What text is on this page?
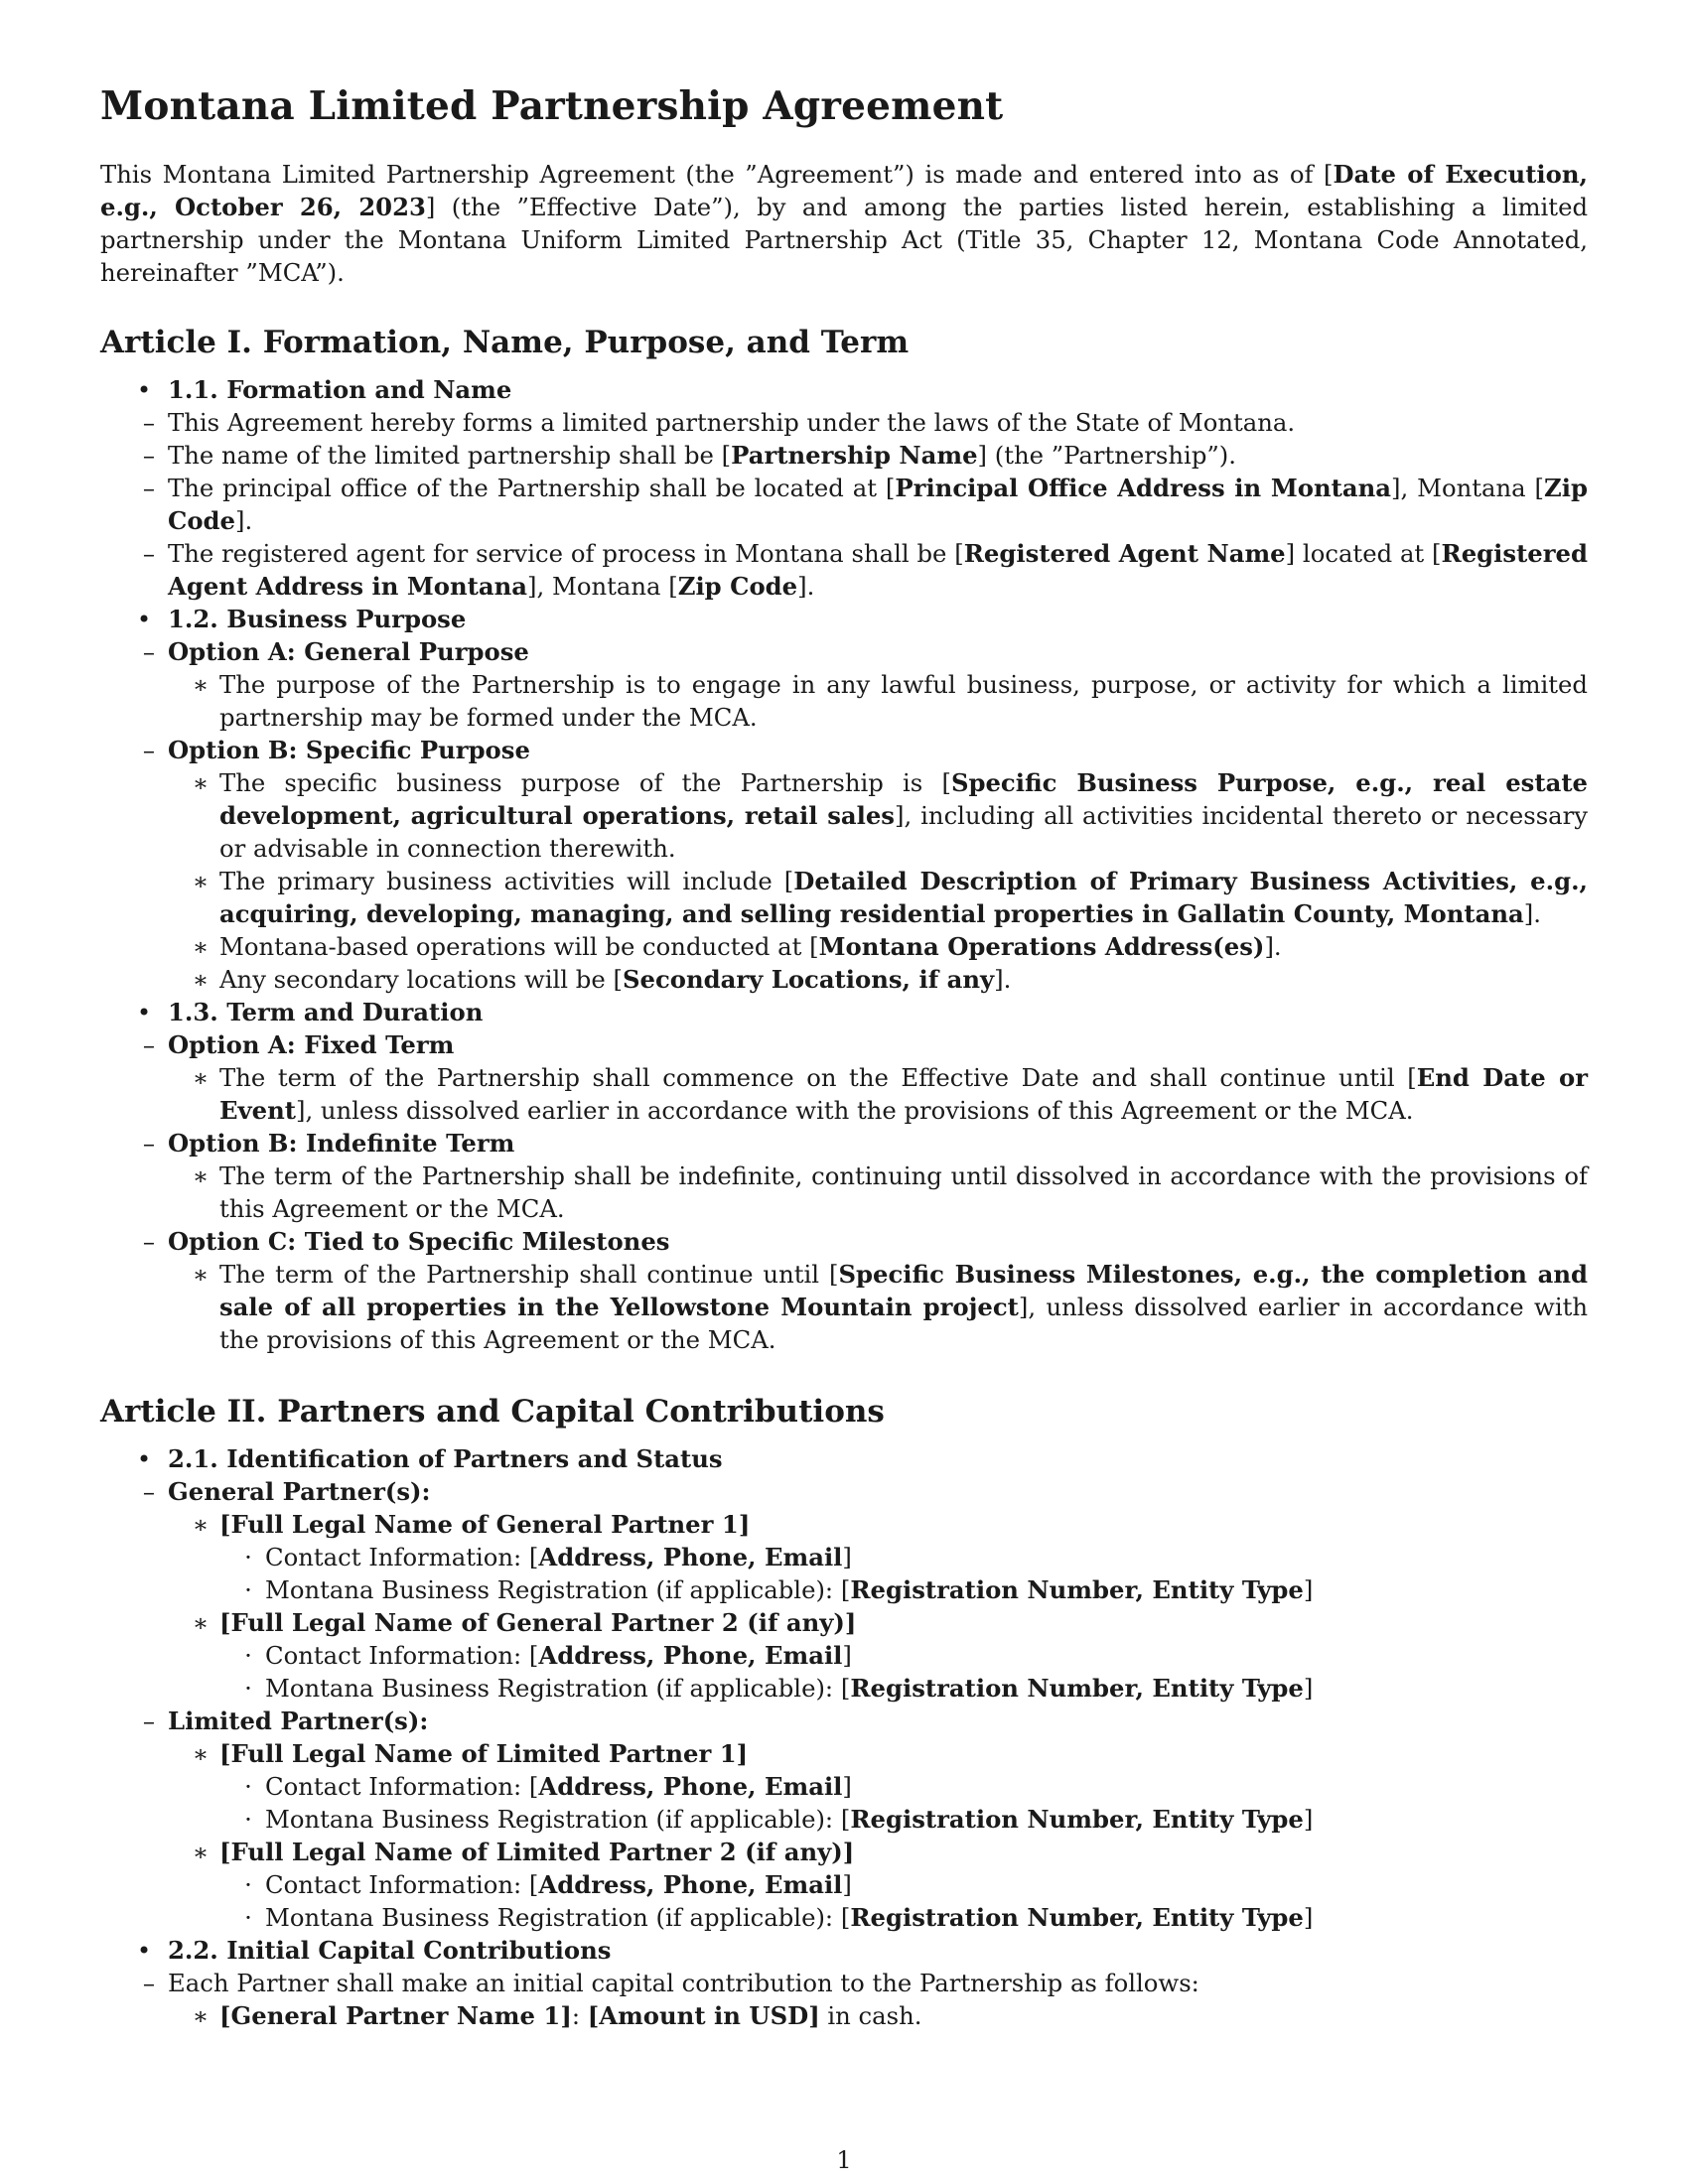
Montana Limited Partnership Agreement

This Montana Limited Partnership Agreement (the ”Agreement”) is made and entered into as of [Date of Execution, e.g., October 26, 2023] (the ”Effective Date”), by and among the parties listed herein, establishing a limited partnership under the Montana Uniform Limited Partnership Act (Title 35, Chapter 12, Montana Code Annotated, hereinafter ”MCA”).

Article I. Formation, Name, Purpose, and Term
• 1.1. Formation and Name
– This Agreement hereby forms a limited partnership under the laws of the State of Montana.
– The name of the limited partnership shall be [Partnership Name] (the ”Partnership”).
– The principal office of the Partnership shall be located at [Principal Office Address in Montana], Montana [Zip Code].
– The registered agent for service of process in Montana shall be [Registered Agent Name] located at [Registered Agent Address in Montana], Montana [Zip Code].
• 1.2. Business Purpose
– Option A: General Purpose
∗ The purpose of the Partnership is to engage in any lawful business, purpose, or activity for which a limited partnership may be formed under the MCA.
– Option B: Specific Purpose
∗ The specific business purpose of the Partnership is [Specific Business Purpose, e.g., real estate development, agricultural operations, retail sales], including all activities incidental thereto or necessary or advisable in connection therewith.
∗ The primary business activities will include [Detailed Description of Primary Business Activities, e.g., acquiring, developing, managing, and selling residential properties in Gallatin County, Montana].
∗ Montana-based operations will be conducted at [Montana Operations Address(es)].
∗ Any secondary locations will be [Secondary Locations, if any].
• 1.3. Term and Duration
– Option A: Fixed Term
∗ The term of the Partnership shall commence on the Effective Date and shall continue until [End Date or Event], unless dissolved earlier in accordance with the provisions of this Agreement or the MCA.
– Option B: Indefinite Term
∗ The term of the Partnership shall be indefinite, continuing until dissolved in accordance with the provisions of this Agreement or the MCA.
– Option C: Tied to Specific Milestones
∗ The term of the Partnership shall continue until [Specific Business Milestones, e.g., the completion and sale of all properties in the Yellowstone Mountain project], unless dissolved earlier in accordance with the provisions of this Agreement or the MCA.
Article II. Partners and Capital Contributions
• 2.1. Identification of Partners and Status
– General Partner(s):
∗ [Full Legal Name of General Partner 1]
· Contact Information: [Address, Phone, Email]
· Montana Business Registration (if applicable): [Registration Number, Entity Type]
∗ [Full Legal Name of General Partner 2 (if any)]
· Contact Information: [Address, Phone, Email]
· Montana Business Registration (if applicable): [Registration Number, Entity Type]
– Limited Partner(s):
∗ [Full Legal Name of Limited Partner 1]
· Contact Information: [Address, Phone, Email]
· Montana Business Registration (if applicable): [Registration Number, Entity Type]
∗ [Full Legal Name of Limited Partner 2 (if any)]
· Contact Information: [Address, Phone, Email]
· Montana Business Registration (if applicable): [Registration Number, Entity Type]
• 2.2. Initial Capital Contributions
– Each Partner shall make an initial capital contribution to the Partnership as follows:
∗ [General Partner Name 1]: [Amount in USD] in cash.
1
